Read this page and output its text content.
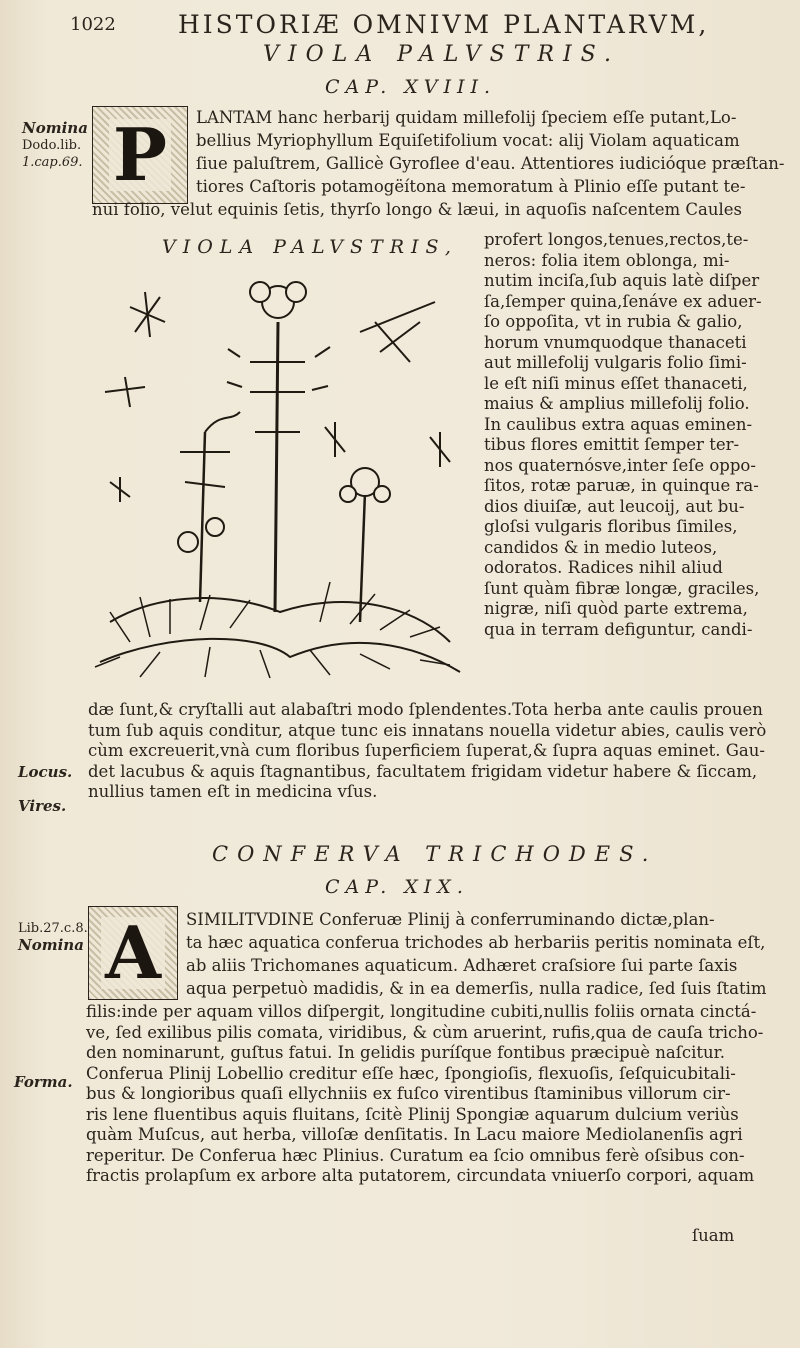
1022 HISTORIÆ OMNIVM PLANTARVM,
VIOLA PALVSTRIS.
CAP. XVIII.
Nomina
Dodo.lib.
1.cap.69. P LANTAM hanc herbarij quidam millefolij ſpeciem eſſe putant,Lo-
bellius Myriophyllum Equiſetifolium vocat: alij Violam aquaticam
ſiue paluſtrem, Gallicè Gyroflee d'eau. Attentiores iudicióque præſtan-
tiores Caſtoris potamogëítona memoratum à Plinio eſſe putant te-
nui folio, velut equinis ſetis, thyrſo longo & læui, in aquoſis naſcentem Caules
VIOLA PALVSTRIS, profert longos,tenues,rectos,te-
neros: folia item oblonga, mi-
nutim inciſa,ſub aquis latè diſper
ſa,ſemper quina,ſenáve ex aduer-
ſo oppoſita, vt in rubia & galio,
horum vnumquodque thanaceti
aut millefolij vulgaris folio ſimi-
le eſt niſi minus eſſet thanaceti,
maius & amplius millefolij folio.
In caulibus extra aquas eminen-
tibus flores emittit ſemper ter-
nos quaternósve,inter ſeſe oppo-
ſitos, rotæ paruæ, in quinque ra-
dios diuiſæ, aut leucoij, aut bu-
gloſsi vulgaris floribus ſimiles,
candidos & in medio luteos,
odoratos. Radices nihil aliud
ſunt quàm fibræ longæ, graciles,
nigræ, niſi quòd parte extrema,
qua in terram defiguntur, candi-
dæ ſunt,& cryſtalli aut alabaſtri modo ſplendentes.Tota herba ante caulis prouen
tum ſub aquis conditur, atque tunc eis innatans nouella videtur abies, caulis verò
cùm excreuerit,vnà cum floribus ſuperficiem ſuperat,& ſupra aquas eminet. Gau-
det lacubus & aquis ſtagnantibus, facultatem frigidam videtur habere & ſiccam,
nullius tamen eſt in medicina vſus.
Locus.
Vires.
CONFERVA TRICHODES.
CAP. XIX.
Lib.27.c.8.
Nomina
Forma.
A SIMILITVDINE Conferuæ Plinij à conferruminando dictæ,plan-
ta hæc aquatica conferua trichodes ab herbariis peritis nominata eſt,
ab aliis Trichomanes aquaticum. Adhæret craſsiore ſui parte ſaxis
aqua perpetuò madidis, & in ea demerſis, nulla radice, ſed ſuis ſtatim
filis:inde per aquam villos diſpergit, longitudine cubiti,nullis foliis ornata cinctá-
ve, ſed exilibus pilis comata, viridibus, & cùm aruerint, rufis,qua de cauſa tricho-
den nominarunt, guſtus fatui. In gelidis puríſque fontibus præcipuè naſcitur.
Conferua Plinij Lobellio creditur eſſe hæc, ſpongioſis, flexuoſis, ſeſquicubitali-
bus & longioribus quaſi ellychniis ex fuſco virentibus ſtaminibus villorum cir-
ris lene fluentibus aquis fluitans, ſcitè Plinij Spongiæ aquarum dulcium veriùs
quàm Muſcus, aut herba, villoſæ denſitatis. In Lacu maiore Mediolanenſis agri
reperitur. De Conferua hæc Plinius. Curatum ea ſcio omnibus ferè oſsibus con-
fractis prolapſum ex arbore alta putatorem, circundata vniuerſo corpori, aquam
ſuam
